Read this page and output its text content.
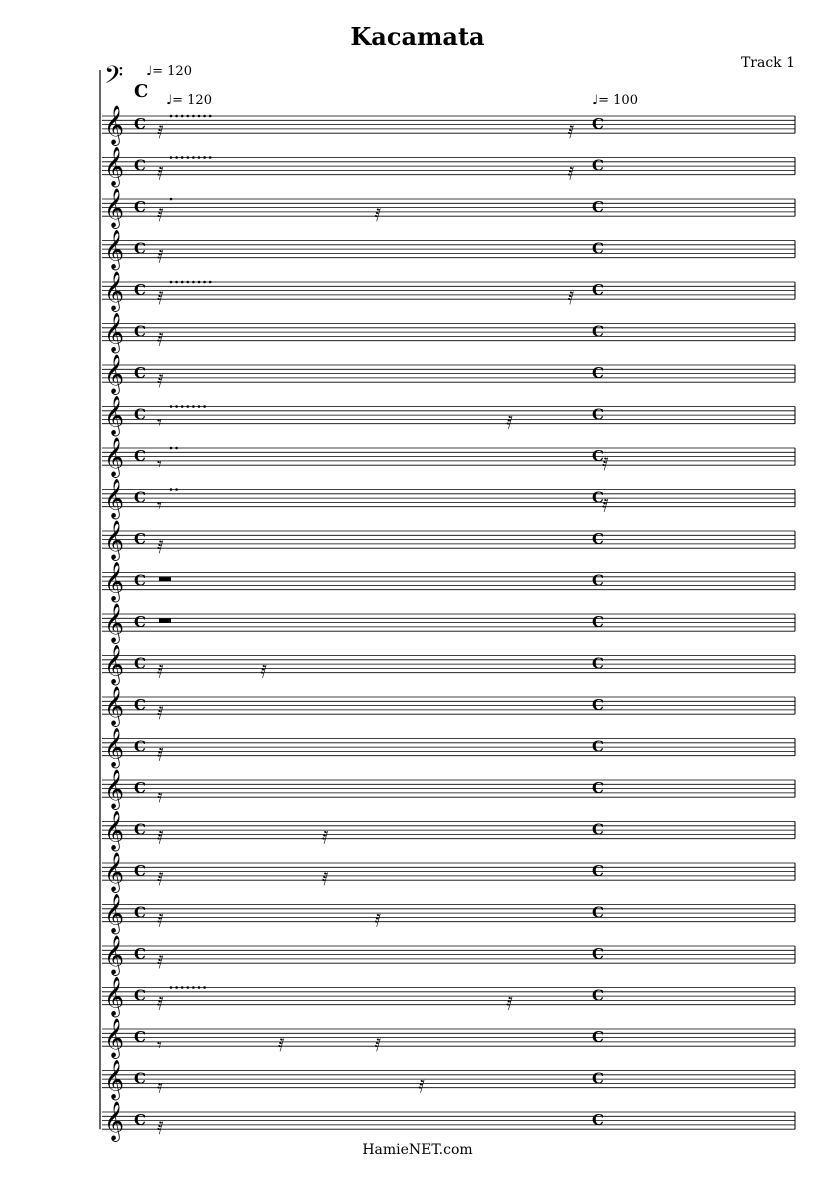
Kacamata
Track 1
♩= 120
♩= 120	♩= 100
𝄢 C
𝄞 C	C
𝅀	𝅀
𝄞 C	C
𝅀	𝅀
𝄞 C	C
𝅀	𝅀
𝄞 C	C
𝅀
𝄞 C	C
𝅀	𝅀
𝄞 C	C
𝅀
𝄞 C	C
𝅀
𝄞 C	C
𝄾	𝅀
𝄞 C	C
𝄾	𝅀
𝄞 C	C
𝄾	𝅀
𝄞 C	C
𝅀
𝄞 C	C
𝄞 C	C
𝄞 C	C
𝅀	𝅀
𝄞 C	C
𝅀
𝄞 C	C
𝅀
𝄞 C	C
𝄿
𝄞 C	C
𝅀	𝅀
𝄞 C	C
𝅀	𝅀
𝄞 C	C
𝅀	𝅀
𝄞 C	C
𝅀
𝄞 C	C
𝅀	𝅀
𝄞 C	C
𝄾	𝅀	𝅀
𝄞 C	C
𝄿	𝅀
𝄞 C	C
𝅀
HamieNET.com
